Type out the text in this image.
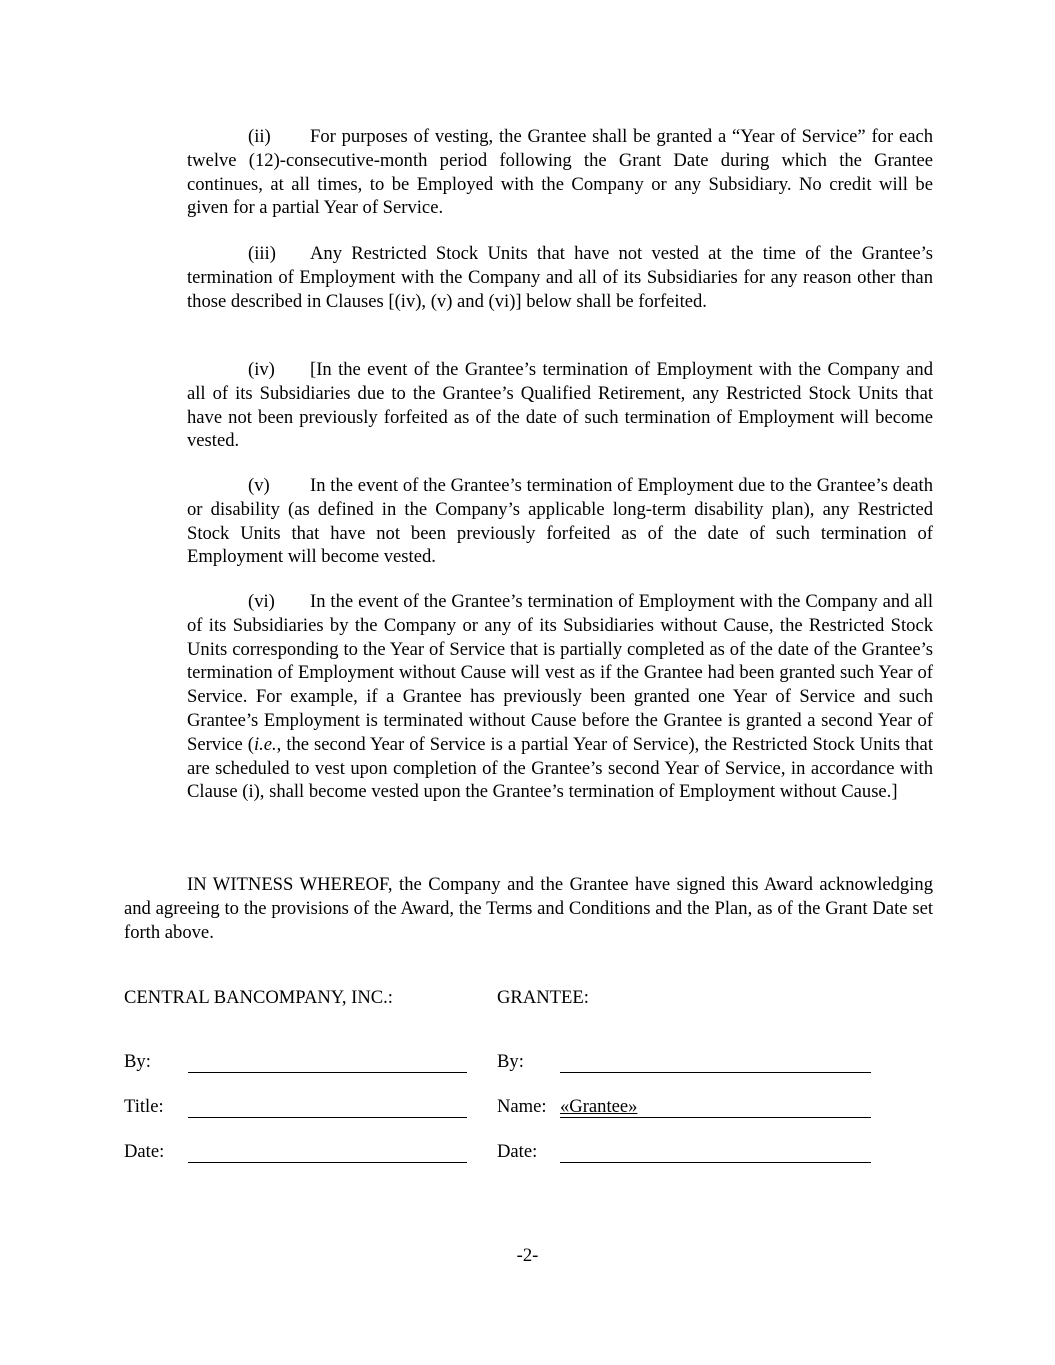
(ii) For purposes of vesting, the Grantee shall be granted a “Year of Service” for each twelve (12)-consecutive-month period following the Grant Date during which the Grantee continues, at all times, to be Employed with the Company or any Subsidiary. No credit will be given for a partial Year of Service.

(iii) Any Restricted Stock Units that have not vested at the time of the Grantee’s termination of Employment with the Company and all of its Subsidiaries for any reason other than those described in Clauses [(iv), (v) and (vi)] below shall be forfeited.

(iv) [In the event of the Grantee’s termination of Employment with the Company and all of its Subsidiaries due to the Grantee’s Qualified Retirement, any Restricted Stock Units that have not been previously forfeited as of the date of such termination of Employment will become vested.

(v) In the event of the Grantee’s termination of Employment due to the Grantee’s death or disability (as defined in the Company’s applicable long-term disability plan), any Restricted Stock Units that have not been previously forfeited as of the date of such termination of Employment will become vested.

(vi) In the event of the Grantee’s termination of Employment with the Company and all of its Subsidiaries by the Company or any of its Subsidiaries without Cause, the Restricted Stock Units corresponding to the Year of Service that is partially completed as of the date of the Grantee’s termination of Employment without Cause will vest as if the Grantee had been granted such Year of Service. For example, if a Grantee has previously been granted one Year of Service and such Grantee’s Employment is terminated without Cause before the Grantee is granted a second Year of Service (i.e., the second Year of Service is a partial Year of Service), the Restricted Stock Units that are scheduled to vest upon completion of the Grantee’s second Year of Service, in accordance with Clause (i), shall become vested upon the Grantee’s termination of Employment without Cause.]

IN WITNESS WHEREOF, the Company and the Grantee have signed this Award acknowledging and agreeing to the provisions of the Award, the Terms and Conditions and the Plan, as of the Grant Date set forth above.

CENTRAL BANCOMPANY, INC.:
By:
Title:
Date:
GRANTEE:
By:
Name: «Grantee»
Date:
-2-
